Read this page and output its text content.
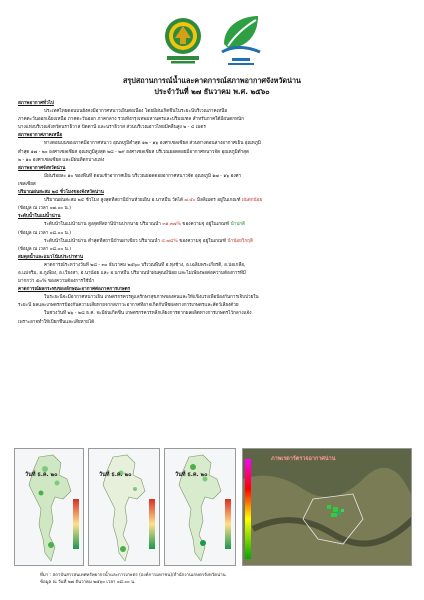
สรุปสถานการณ์น้ำและคาดการณ์สภาพอากาศจังหวัดน่าน
ประจำวันที่ ๒๗ ธันวาคม พ.ศ. ๒๕๖๐
สภาพอากาศทั่วไป
ประเทศไทยตอนบนยังคงมีอากาศหนาวเย็นต่อเนื่อง โดยมีฝนเกิดขึ้นในระยะนี้บริเวณภาคเหนือ
ภาคตะวันออกเฉียงเหนือ ภาคตะวันออก ภาคกลาง รวมทั้งกรุงเทพมหานครและปริมณฑล สำหรับภาคใต้มีฝนตกหนัก
บางแห่งบริเวณจังหวัดนราธิวาส ปัตตานี และนราธิวาส ส่วนบริเวณอ่าวไทยมีคลื่นสูง ๒ - ๔ เมตร
สภาพอากาศภาคเหนือ
ทางตอนบนของภาคมีอากาศหนาว อุณหภูมิต่ำสุด ๑๒ - ๑๖ องศาเซลเซียส ส่วนทางตอนล่างอากาศเย็น อุณหภูมิ
ต่ำสุด ๑๗ - ๒๐ องศาเซลเซียส อุณหภูมิสูงสุด ๒๘ - ๒๙ องศาเซลเซียส บริเวณยอดดอยมีอากาศหนาวจัด อุณหภูมิต่ำสุด
๒ - ๑๐ องศาเซลเซียส และมีฝนที่ตกบางแห่ง
สภาพอากาศจังหวัดน่าน
มีฝนร้อยละ ๑๐ ของพื้นที่ ตอนเช้าอากาศเย็น บริเวณยอดดอยอากาศหนาวจัด อุณหภูมิ ๑๗ - ๑๖ องศา
เซลเซียส
ปริมาณฝนสะสม ๒๔ ชั่วโมงของจังหวัดน่าน
ปริมาณฝนสะสม ๒๔ ชั่วโมง สูงสุดที่สถานีบ้านห้วยเย็น อ.นาหมื่น วัดได้ ๗.๕๐ มิลลิเมตร อยู่ในเกณฑ์ ฝนตกน้อย
(ข้อมูล ณ เวลา ๐๗.๐๐ น.)
ระดับน้ำในแม่น้ำน่าน
ระดับน้ำในแม่น้ำน่าน สูงสุดที่สถานีบ้านปากนาย ปริมาณน้ำ ๓๑.๓๗% ของความจุ อยู่ในเกณฑ์ น้ำปกติ
(ข้อมูล ณ เวลา ๐๘.๐๐ น.)
ระดับน้ำในแม่น้ำน่าน ต่ำสุดที่สถานีบ้านผาเขียว ปริมาณน้ำ ๔.๗๘% ของความจุ อยู่ในเกณฑ์ น้ำน้อยวิกฤติ
(ข้อมูล ณ เวลา ๐๘.๐๐ น.)
สมดุลน้ำและแนวโน้มประปาทาน
คาดการณ์ระหว่างวันที่ ๒๘ - ๓๐ ธันวาคม ๒๕๖๐ บริเวณพื้นที่ อ.ทุ่งช้าง, อ.เฉลิมพระเกียรติ, อ.บ่อเกลือ,
อ.แม่จริม, อ.ภูเพียง, อ.เวียงสา, อ.นาน้อย และ อ.นาหมื่น ปริมาณน้ำฝนคุณมีน้อย และไม่เพียงพอต่อความต้องการที่มี
มากกว่า ๕๐% ของความต้องการใช้น้ำ
คาดการณ์ผลกระทบของลักษณะอากาศต่อภาคการเกษตร
ในระยะนี้จะมีอากาศหนาวเย็น เกษตรกรควรดูแลรักษาสุขภาพของคนและให้แข็งแรงเพื่อป้องกันการเจ็บป่วยใน
ระยะนี้ ผลและเกษตรกรป้องกันความเสียหายจากสภาวะอากาศที่อาจเกิดกับพืชผลทางการเกษตรและสัตว์เลี้ยงด้วย
ในช่วงวันที่ ๒๖ - ๒๘ ธ.ค. จะมีฝนเกิดขึ้น เกษตรกรควรหลีกเลี่ยงการตากผลผลิตทางการเกษตรไว้กลางแจ้ง
เพราะอาจทำให้เปียกชื้นและเสียหายได้
วันที่ ธ.ค. ๒๐	วันที่ ธ.ค. ๒๐	วันที่ ธ.ค. ๒๐
ภาพเรดาร์ตรวจอากาศน่าน
ที่มา : สถาบันสารสนเทศทรัพยากรน้ำและการเกษตร (องค์การมหาชน)/สำนักงานเกษตรจังหวัดน่าน
ข้อมูล ณ วันที่ ๒๗ ธันวาคม ๒๕๖๐ เวลา ๐๘.๐๐ น.
